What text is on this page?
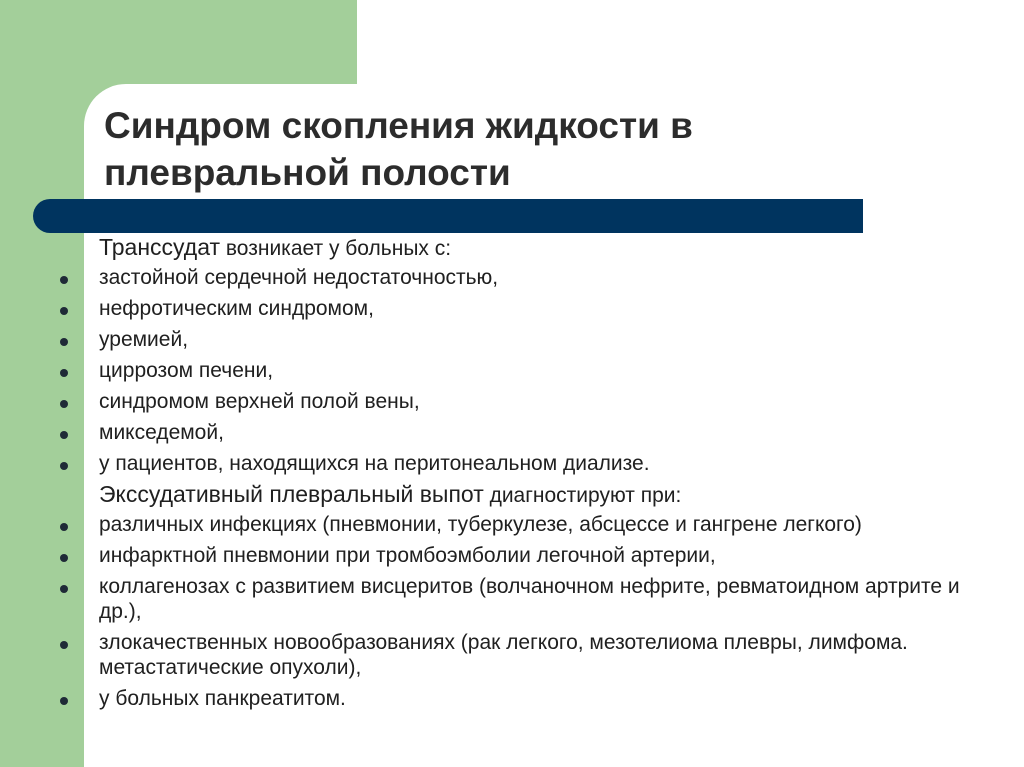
Синдром скопления жидкости в плевральной полости
Транссудат возникает у больных с:
застойной сердечной недостаточностью,
нефротическим синдромом,
уремией,
циррозом печени,
синдромом верхней полой вены,
микседемой,
у пациентов, находящихся на перитонеальном диализе.
Экссудативный плевральный выпот диагностируют при:
различных инфекциях (пневмонии, туберкулезе, абсцессе и гангрене легкого)
инфарктной пневмонии при тромбоэмболии легочной артерии,
коллагенозах с развитием висцеритов (волчаночном нефрите, ревматоидном артрите и др.),
злокачественных новообразованиях (рак легкого, мезотелиома плевры, лимфома. метастатические опухоли),
у больных панкреатитом.
